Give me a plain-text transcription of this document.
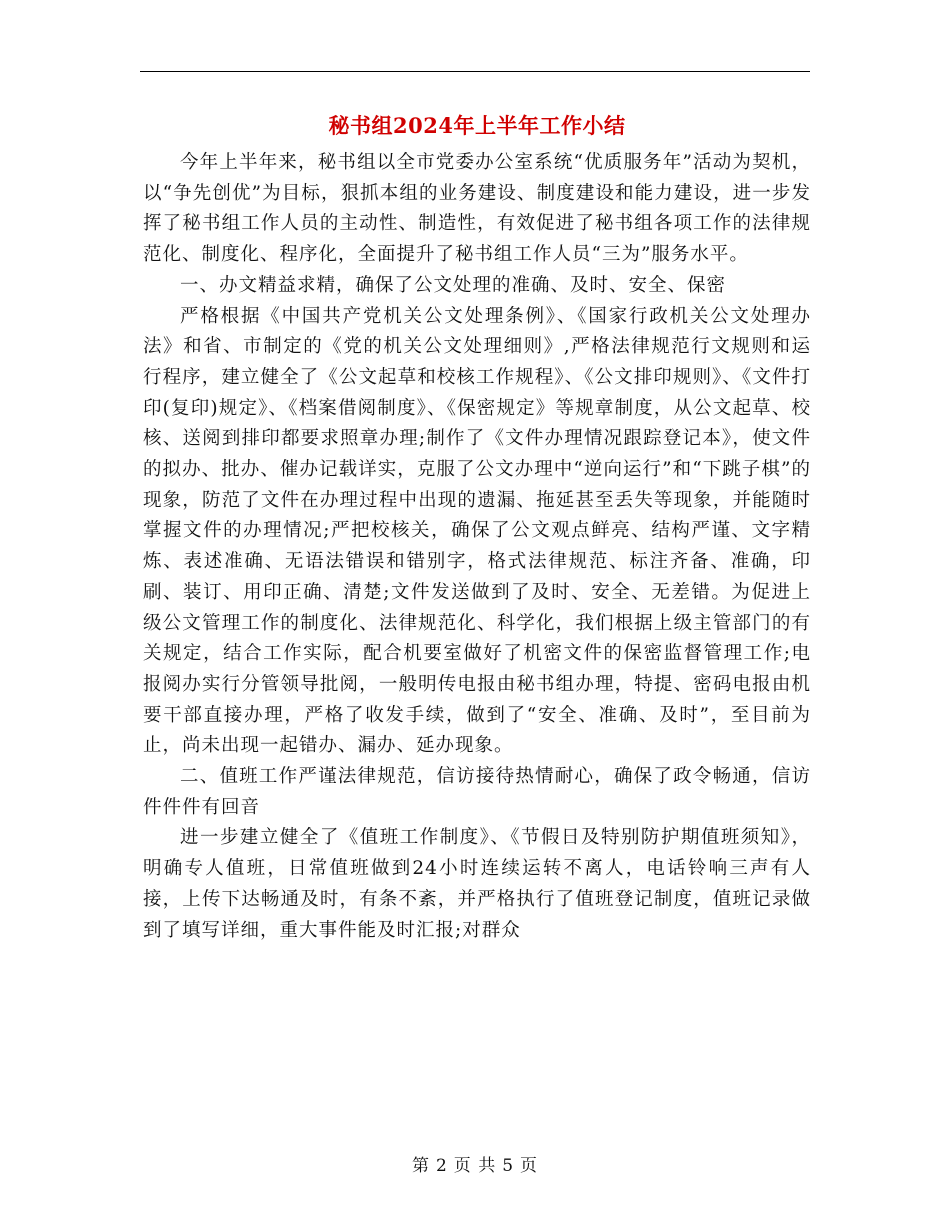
秘书组2024年上半年工作小结

今年上半年来，秘书组以全市党委办公室系统“优质服务年”活动为契机，以“争先创优”为目标，狠抓本组的业务建设、制度建设和能力建设，进一步发挥了秘书组工作人员的主动性、制造性，有效促进了秘书组各项工作的法律规范化、制度化、程序化，全面提升了秘书组工作人员“三为”服务水平。

一、办文精益求精，确保了公文处理的准确、及时、安全、保密

严格根据《中国共产党机关公文处理条例》、《国家行政机关公文处理办法》和省、市制定的《党的机关公文处理细则》,严格法律规范行文规则和运行程序，建立健全了《公文起草和校核工作规程》、《公文排印规则》、《文件打印(复印)规定》、《档案借阅制度》、《保密规定》等规章制度，从公文起草、校核、送阅到排印都要求照章办理;制作了《文件办理情况跟踪登记本》，使文件的拟办、批办、催办记载详实，克服了公文办理中“逆向运行”和“下跳子棋”的现象，防范了文件在办理过程中出现的遗漏、拖延甚至丢失等现象，并能随时掌握文件的办理情况;严把校核关，确保了公文观点鲜亮、结构严谨、文字精炼、表述准确、无语法错误和错别字，格式法律规范、标注齐备、准确，印刷、装订、用印正确、清楚;文件发送做到了及时、安全、无差错。为促进上级公文管理工作的制度化、法律规范化、科学化，我们根据上级主管部门的有关规定，结合工作实际，配合机要室做好了机密文件的保密监督管理工作;电报阅办实行分管领导批阅，一般明传电报由秘书组办理，特提、密码电报由机要干部直接办理，严格了收发手续，做到了“安全、准确、及时”，至目前为止，尚未出现一起错办、漏办、延办现象。

二、值班工作严谨法律规范，信访接待热情耐心，确保了政令畅通，信访件件件有回音

进一步建立健全了《值班工作制度》、《节假日及特别防护期值班须知》，明确专人值班，日常值班做到24小时连续运转不离人，电话铃响三声有人接，上传下达畅通及时，有条不紊，并严格执行了值班登记制度，值班记录做到了填写详细，重大事件能及时汇报;对群众

第 2 页 共 5 页
